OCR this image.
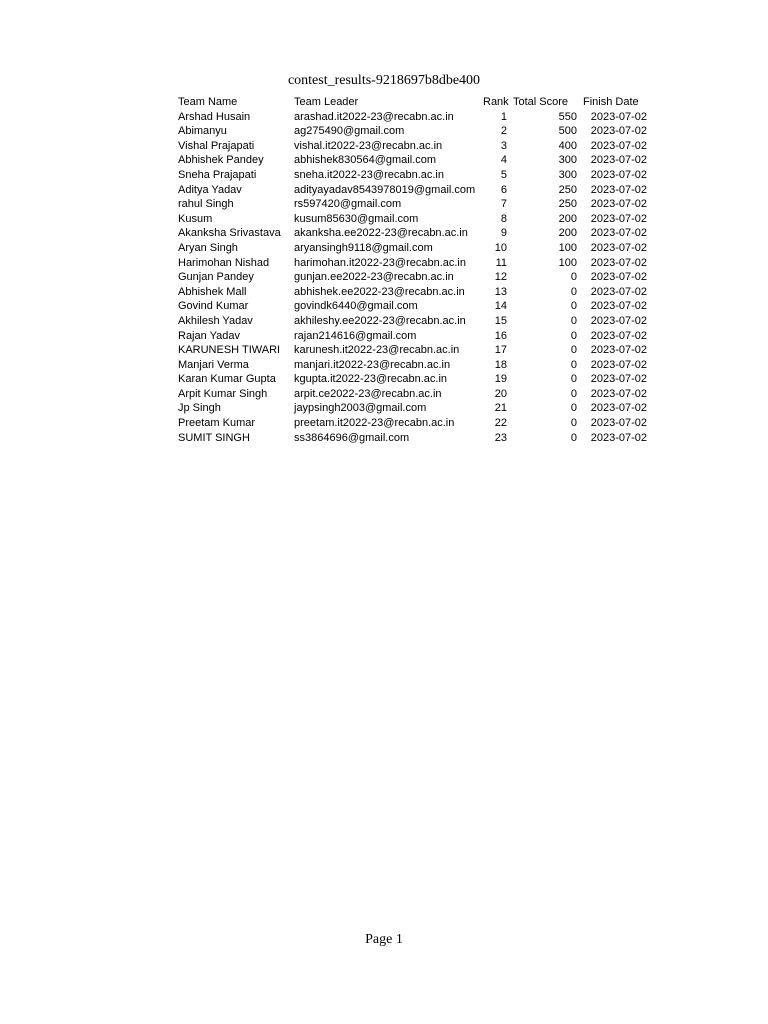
contest_results-9218697b8dbe400
Team Name	Team Leader	Rank	Total Score	Finish Date
Arshad Husain	arashad.it2022-23@recabn.ac.in	1	550	2023-07-02
Abimanyu	ag275490@gmail.com	2	500	2023-07-02
Vishal Prajapati	vishal.it2022-23@recabn.ac.in	3	400	2023-07-02
Abhishek Pandey	abhishek830564@gmail.com	4	300	2023-07-02
Sneha Prajapati	sneha.it2022-23@recabn.ac.in	5	300	2023-07-02
Aditya Yadav	adityayadav8543978019@gmail.com	6	250	2023-07-02
rahul Singh	rs597420@gmail.com	7	250	2023-07-02
Kusum	kusum85630@gmail.com	8	200	2023-07-02
Akanksha Srivastava	akanksha.ee2022-23@recabn.ac.in	9	200	2023-07-02
Aryan Singh	aryansingh9118@gmail.com	10	100	2023-07-02
Harimohan Nishad	harimohan.it2022-23@recabn.ac.in	11	100	2023-07-02
Gunjan Pandey	gunjan.ee2022-23@recabn.ac.in	12	0	2023-07-02
Abhishek Mall	abhishek.ee2022-23@recabn.ac.in	13	0	2023-07-02
Govind Kumar	govindk6440@gmail.com	14	0	2023-07-02
Akhilesh Yadav	akhileshy.ee2022-23@recabn.ac.in	15	0	2023-07-02
Rajan Yadav	rajan214616@gmail.com	16	0	2023-07-02
KARUNESH TIWARI	karunesh.it2022-23@recabn.ac.in	17	0	2023-07-02
Manjari Verma	manjari.it2022-23@recabn.ac.in	18	0	2023-07-02
Karan Kumar Gupta	kgupta.it2022-23@recabn.ac.in	19	0	2023-07-02
Arpit Kumar Singh	arpit.ce2022-23@recabn.ac.in	20	0	2023-07-02
Jp Singh	jaypsingh2003@gmail.com	21	0	2023-07-02
Preetam Kumar	preetam.it2022-23@recabn.ac.in	22	0	2023-07-02
SUMIT SINGH	ss3864696@gmail.com	23	0	2023-07-02
Page 1
